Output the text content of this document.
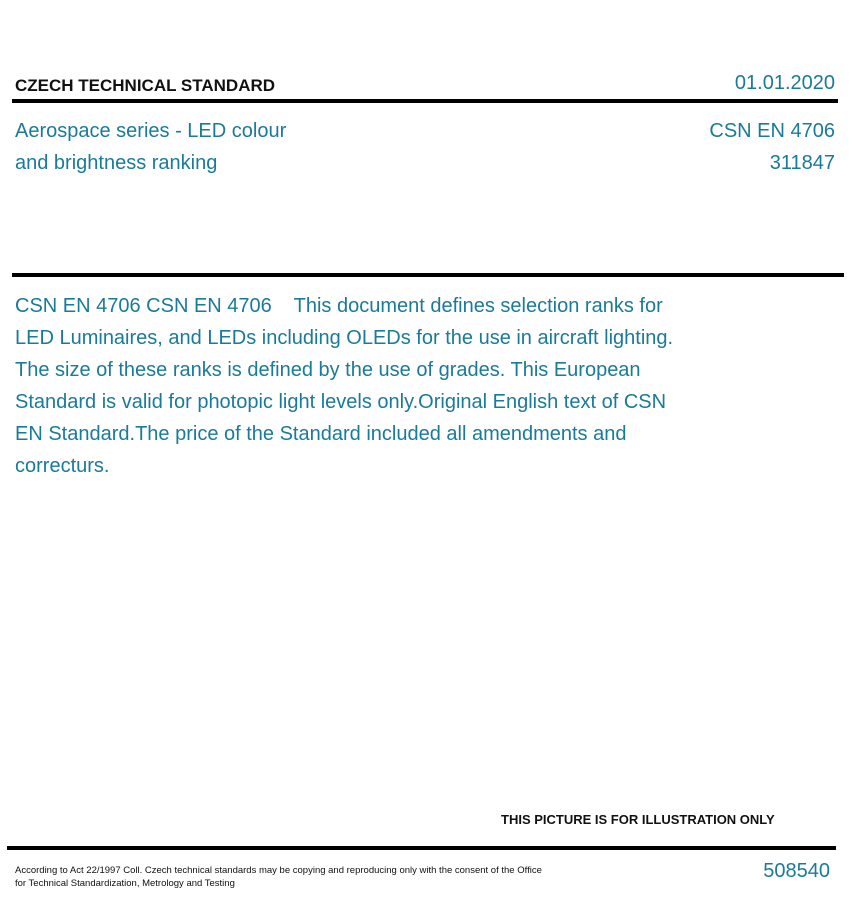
CZECH TECHNICAL STANDARD	01.01.2020
Aerospace series - LED colour
and brightness ranking
CSN EN 4706
311847
CSN EN 4706 CSN EN 4706    This document defines selection ranks for LED Luminaires, and LEDs including OLEDs for the use in aircraft lighting. The size of these ranks is defined by the use of grades. This European Standard is valid for photopic light levels only.Original English text of CSN EN Standard.The price of the Standard included all amendments and correcturs.
THIS PICTURE IS FOR ILLUSTRATION ONLY
According to Act 22/1997 Coll. Czech technical standards may be copying and reproducing only with the consent of the Office
for Technical Standardization, Metrology and Testing
508540
